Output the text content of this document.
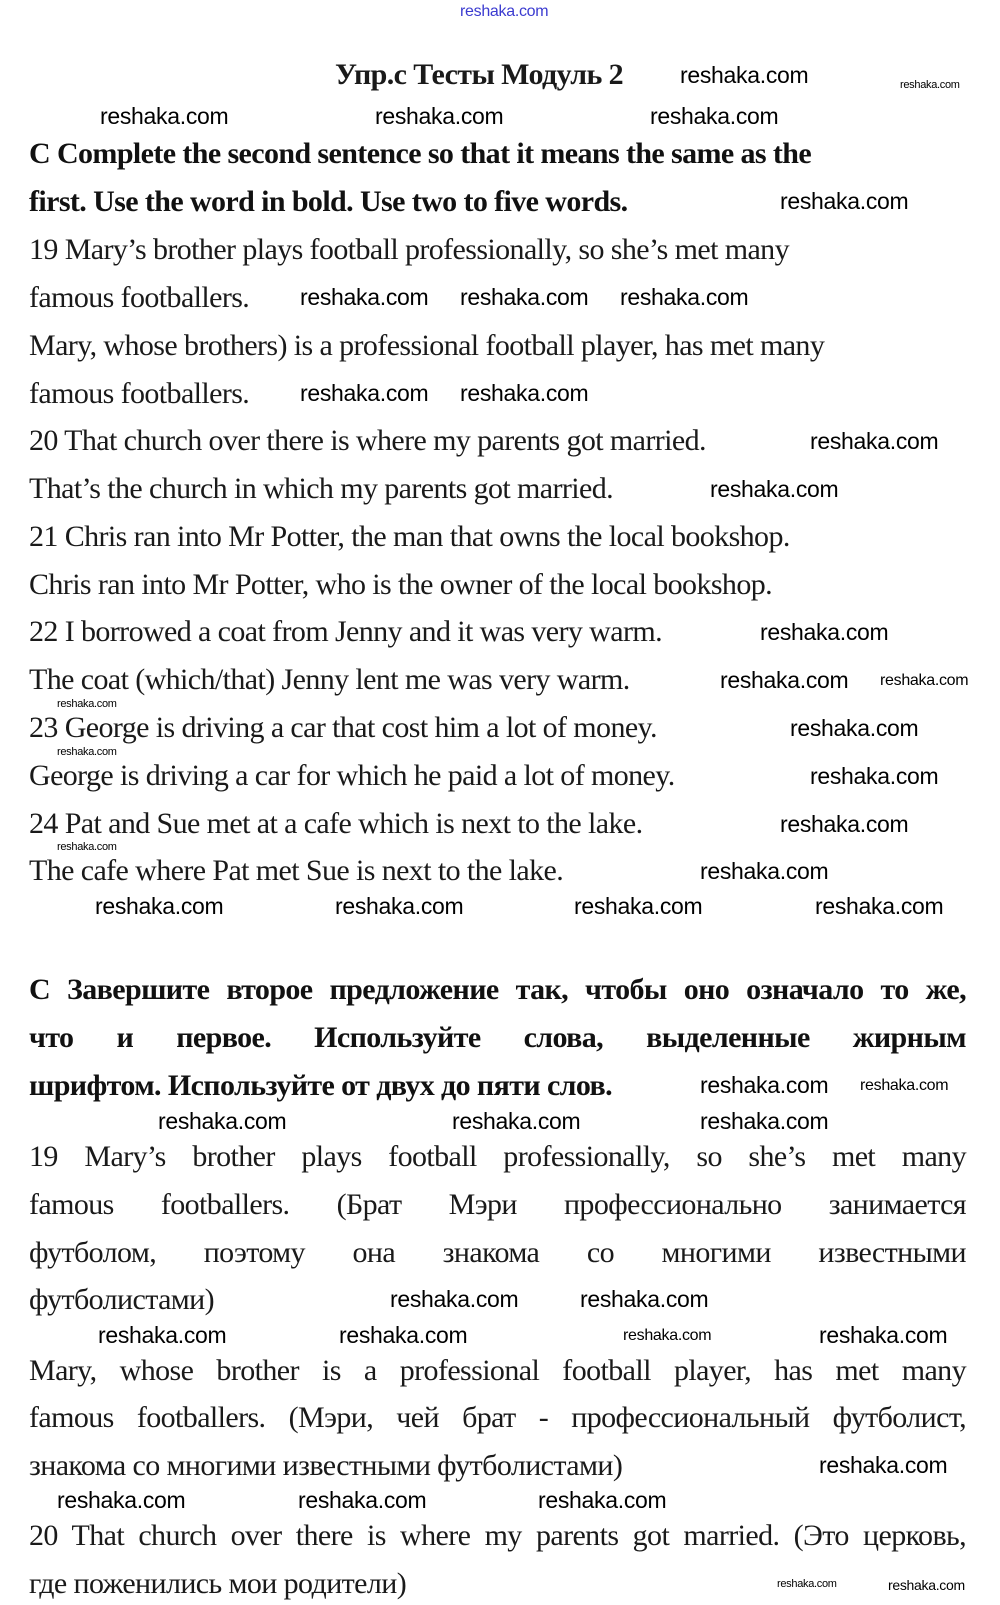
Упр.с Тесты Модуль 2
C Complete the second sentence so that it means the same as the
first. Use the word in bold. Use two to five words.
19 Mary’s brother plays football professionally, so she’s met many
famous footballers.
Mary, whose brothers) is a professional football player, has met many
famous footballers.
20 That church over there is where my parents got married.
That’s the church in which my parents got married.
21 Chris ran into Mr Potter, the man that owns the local bookshop.
Chris ran into Mr Potter, who is the owner of the local bookshop.
22 I borrowed a coat from Jenny and it was very warm.
The coat (which/that) Jenny lent me was very warm.
23 George is driving a car that cost him a lot of money.
George is driving a car for which he paid a lot of money.
24 Pat and Sue met at a cafe which is next to the lake.
The cafe where Pat met Sue is next to the lake.
C Завершите второе предложение так, чтобы оно означало то же,
что и первое. Используйте слова, выделенные жирным
шрифтом. Используйте от двух до пяти слов.
19 Mary’s brother plays football professionally, so she’s met many
famous footballers. (Брат Мэри профессионально занимается
футболом, поэтому она знакома со многими известными
футболистами)
Mary, whose brother is a professional football player, has met many
famous footballers. (Мэри, чей брат - профессиональный футболист,
знакома со многими известными футболистами)
20 That church over there is where my parents got married. (Это церковь,
где поженились мои родители)
reshaka.com
reshaka.com	reshaka.com
reshaka.com	reshaka.com	reshaka.com
reshaka.com
reshaka.com reshaka.com reshaka.com
reshaka.com reshaka.com
reshaka.com
reshaka.com
reshaka.com
reshaka.com reshaka.com
reshaka.com
reshaka.com
reshaka.com
reshaka.com
reshaka.com
reshaka.com
reshaka.com
reshaka.com	reshaka.com	reshaka.com	reshaka.com
reshaka.com reshaka.com
reshaka.com	reshaka.com	reshaka.com
reshaka.com	reshaka.com
reshaka.com	reshaka.com	reshaka.com	reshaka.com
reshaka.com
reshaka.com	reshaka.com	reshaka.com
reshaka.com	reshaka.com
